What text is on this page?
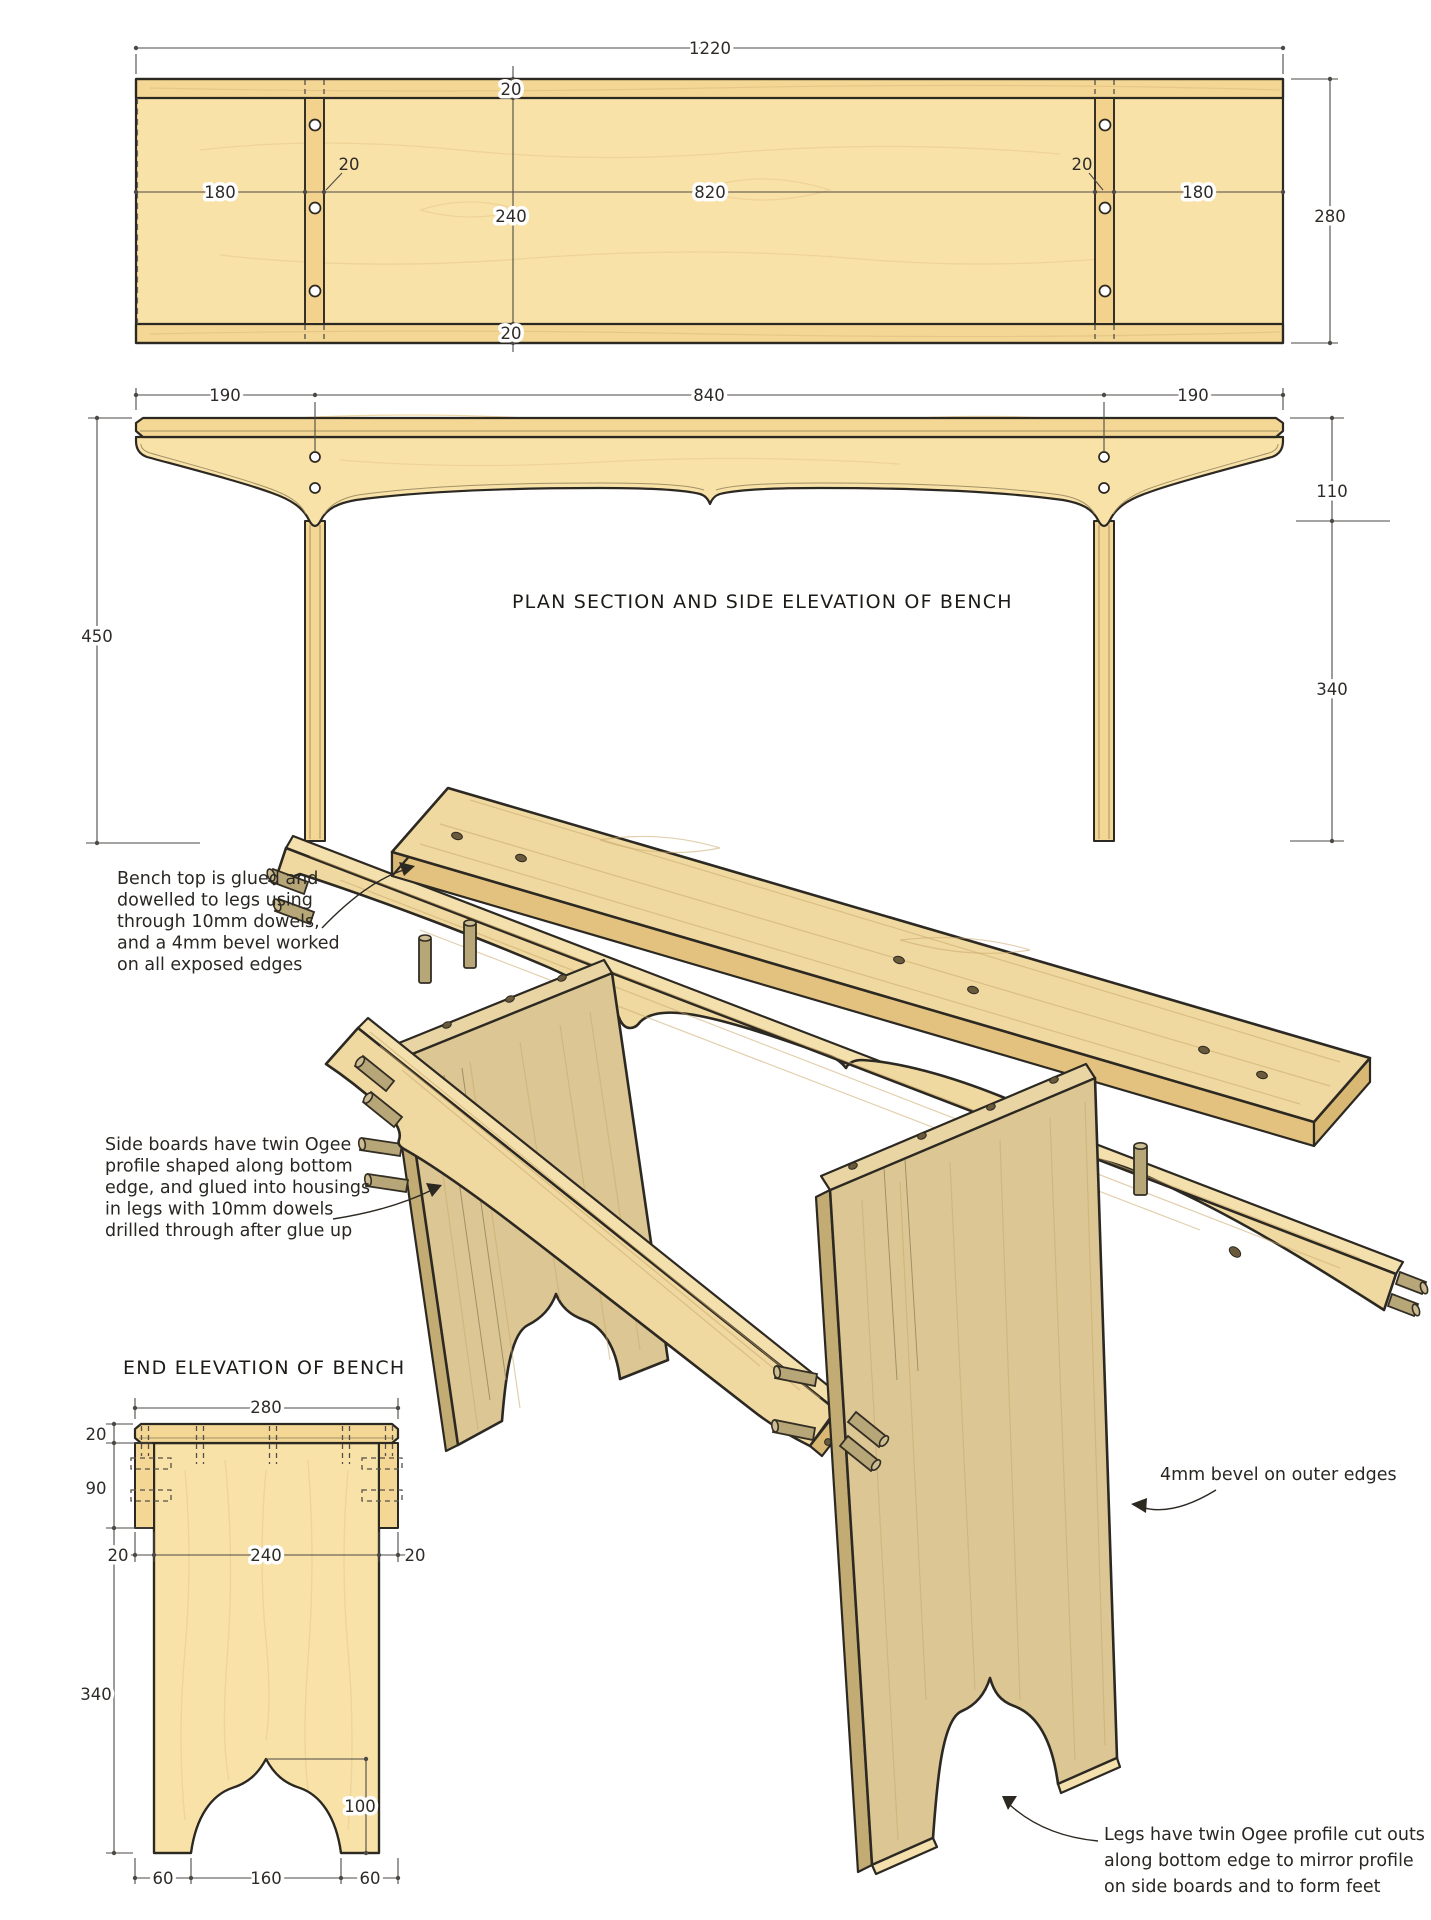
1220
20
240
20
180	820	180
20	20
280
190	840	190
450
110
340
PLAN SECTION AND SIDE ELEVATION OF BENCH
END ELEVATION OF BENCH
280
20
90
340
20	240	20
100
60	160	60
Bench top is glued and
dowelled to legs using
through 10mm dowels,
and a 4mm bevel worked
on all exposed edges
Side boards have twin Ogee
profile shaped along bottom
edge, and glued into housings
in legs with 10mm dowels
drilled through after glue up
4mm bevel on outer edges
Legs have twin Ogee profile cut outs
along bottom edge to mirror profile
on side boards and to form feet
